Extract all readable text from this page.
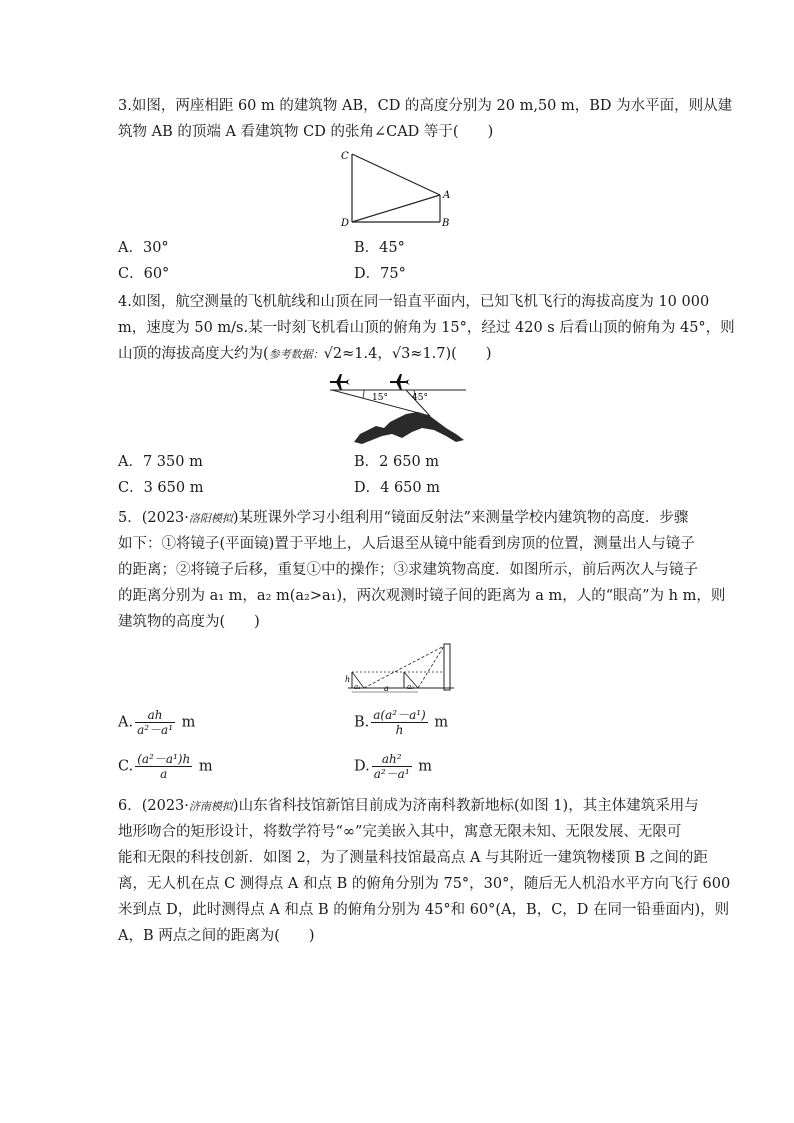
3.如图，两座相距 60 m 的建筑物 AB，CD 的高度分别为 20 m,50 m，BD 为水平面，则从建
筑物 AB 的顶端 A 看建筑物 CD 的张角∠CAD 等于(　　)
C
A
D	B
A．30°	B．45°
C．60°	D．75°
4.如图，航空测量的飞机航线和山顶在同一铅直平面内，已知飞机飞行的海拔高度为 10 000
m，速度为 50 m/s.某一时刻飞机看山顶的俯角为 15°，经过 420 s 后看山顶的俯角为 45°，则
山顶的海拔高度大约为(参考数据：√2≈1.4，√3≈1.7)(　　)
15°	45°
A．7 350 m	B．2 650 m
C．3 650 m	D．4 650 m
5．(2023·洛阳模拟)某班课外学习小组利用“镜面反射法”来测量学校内建筑物的高度．步骤
如下：①将镜子(平面镜)置于平地上，人后退至从镜中能看到房顶的位置，测量出人与镜子
的距离；②将镜子后移，重复①中的操作；③求建筑物高度．如图所示，前后两次人与镜子
的距离分别为 a₁ m，a₂ m(a₂>a₁)，两次观测时镜子间的距离为 a m，人的“眼高”为 h m，则
建筑物的高度为(　　)
h
a₁	a	a₂
A. $\frac{ah}{\text{a²－a¹}}$ m	B. $\frac{\text{a(a²－a¹)}}{h}$ m
C. $\frac{\text{(a²－a¹)h}}{a}$ m	D. $\frac{\text{ah²}}{\text{a²－a¹}}$ m
6．(2023·济南模拟)山东省科技馆新馆目前成为济南科教新地标(如图 1)，其主体建筑采用与
地形吻合的矩形设计，将数学符号“∞”完美嵌入其中，寓意无限未知、无限发展、无限可
能和无限的科技创新．如图 2，为了测量科技馆最高点 A 与其附近一建筑物楼顶 B 之间的距
离，无人机在点 C 测得点 A 和点 B 的俯角分别为 75°，30°，随后无人机沿水平方向飞行 600
米到点 D，此时测得点 A 和点 B 的俯角分别为 45°和 60°(A，B，C，D 在同一铅垂面内)，则
A，B 两点之间的距离为(　　)
